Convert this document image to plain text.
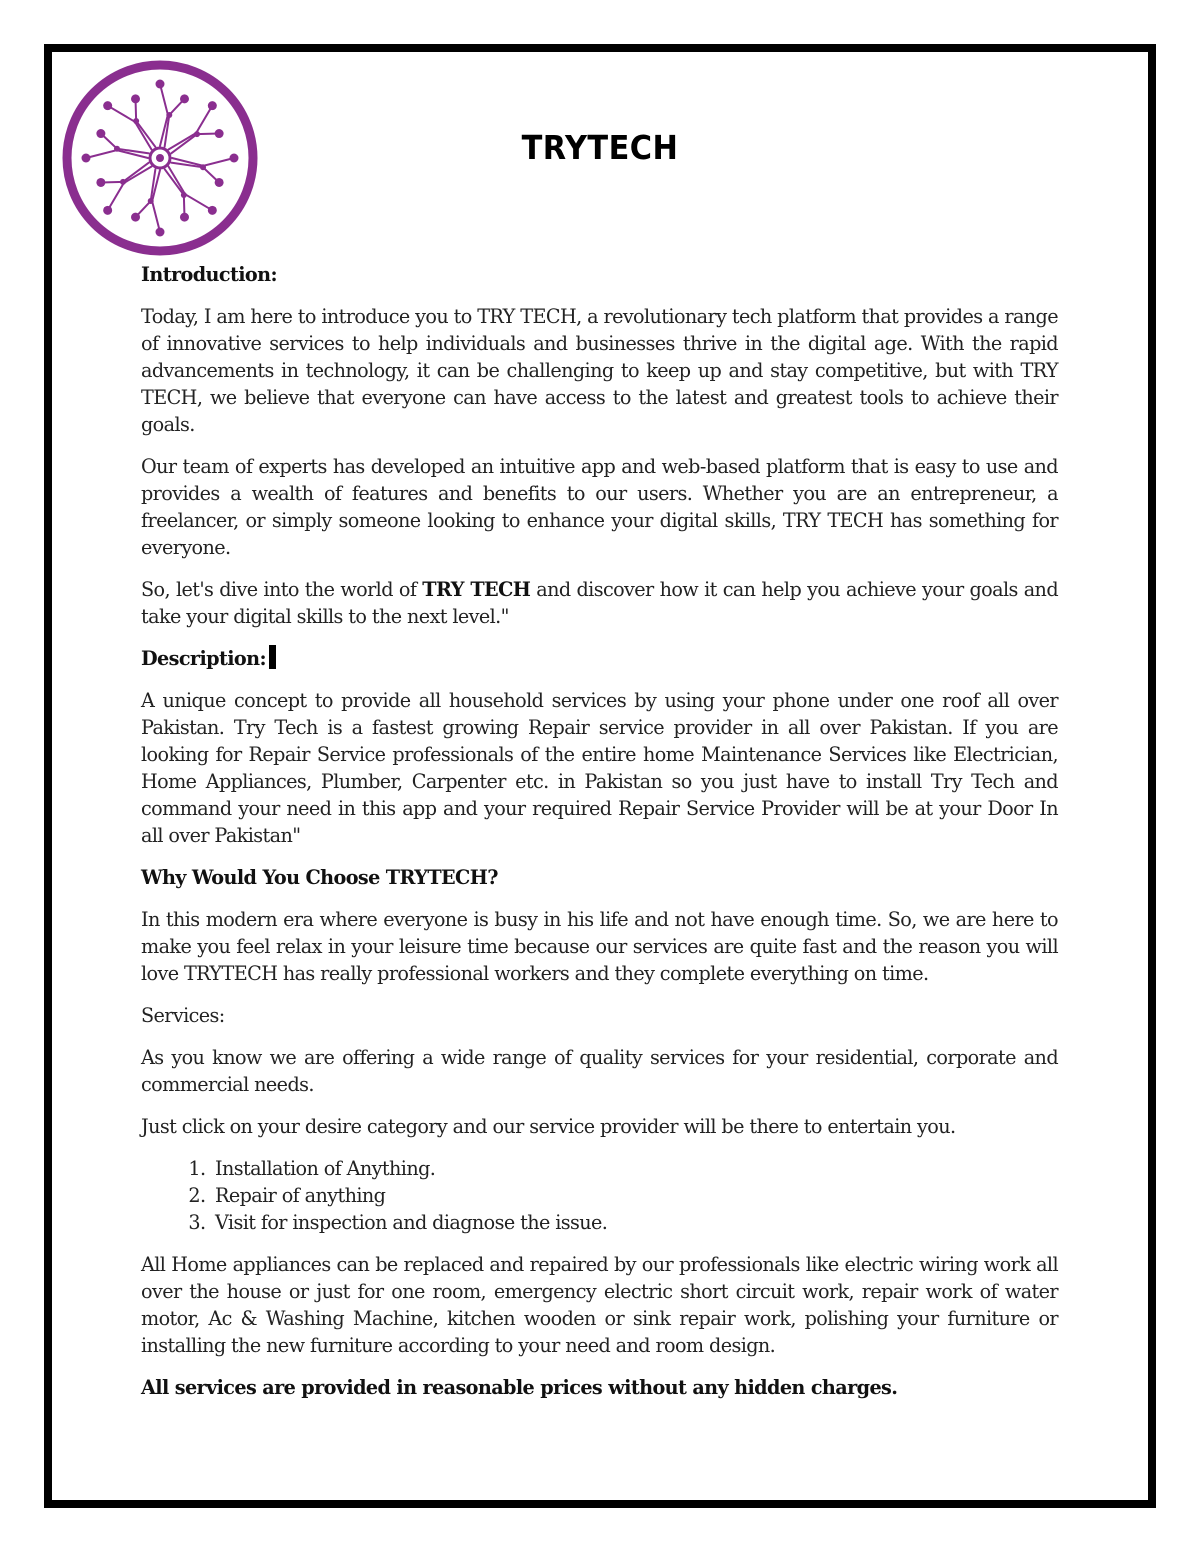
TRYTECH
Introduction:

Today, I am here to introduce you to TRY TECH, a revolutionary tech platform that provides a range of innovative services to help individuals and businesses thrive in the digital age. With the rapid advancements in technology, it can be challenging to keep up and stay competitive, but with TRY TECH, we believe that everyone can have access to the latest and greatest tools to achieve their goals.

Our team of experts has developed an intuitive app and web-based platform that is easy to use and provides a wealth of features and benefits to our users. Whether you are an entrepreneur, a freelancer, or simply someone looking to enhance your digital skills, TRY TECH has something for everyone.

So, let's dive into the world of TRY TECH and discover how it can help you achieve your goals and take your digital skills to the next level."

Description:

A unique concept to provide all household services by using your phone under one roof all over Pakistan. Try Tech is a fastest growing Repair service provider in all over Pakistan. If you are looking for Repair Service professionals of the entire home Maintenance Services like Electrician, Home Appliances, Plumber, Carpenter etc. in Pakistan so you just have to install Try Tech and command your need in this app and your required Repair Service Provider will be at your Door In all over Pakistan"

Why Would You Choose TRYTECH?

In this modern era where everyone is busy in his life and not have enough time. So, we are here to make you feel relax in your leisure time because our services are quite fast and the reason you will love TRYTECH has really professional workers and they complete everything on time.

Services:

As you know we are offering a wide range of quality services for your residential, corporate and commercial needs.

Just click on your desire category and our service provider will be there to entertain you.

1. Installation of Anything.
2. Repair of anything
3. Visit for inspection and diagnose the issue.

All Home appliances can be replaced and repaired by our professionals like electric wiring work all over the house or just for one room, emergency electric short circuit work, repair work of water motor, Ac & Washing Machine, kitchen wooden or sink repair work, polishing your furniture or installing the new furniture according to your need and room design.

All services are provided in reasonable prices without any hidden charges.
